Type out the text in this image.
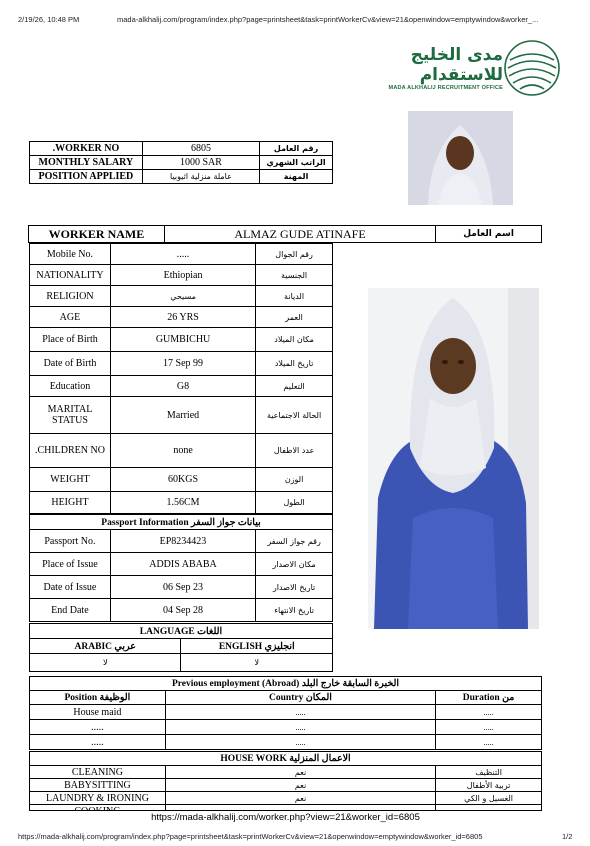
2/19/26, 10:48 PM	mada-alkhalij.com/program/index.php?page=printsheet&task=printWorkerCv&view=21&openwindow=emptywindow&worker_...
مدى الخليج للاستقدام
MADA ALKHALIJ RECRUITMENT OFFICE
.WORKER NO	6805	رقم العامل
MONTHLY SALARY	1000 SAR	الراتب الشهري
POSITION APPLIED	عاملة منزلية اثيوبيا	المهنة
WORKER NAME	ALMAZ GUDE ATINAFE	اسم العامل
Mobile No.	.....	رقم الجوال
NATIONALITY	Ethiopian	الجنسية
RELIGION	مسيحي	الديانة
AGE	26 YRS	العمر
Place of Birth	GUMBICHU	مكان الميلاد
Date of Birth	17 Sep 99	تاريخ الميلاد
Education	G8	التعليم
MARITAL STATUS	Married	الحالة الاجتماعية
.CHILDREN NO	none	عدد الاطفال
WEIGHT	60KGS	الوزن
HEIGHT	1.56CM	الطول
Passport Information بيانات جواز السفر		
Passport No.	EP8234423	رقم جواز السفر
Place of Issue	ADDIS ABABA	مكان الاصدار
Date of Issue	06 Sep 23	تاريخ الاصدار
End Date	04 Sep 28	تاريخ الانتهاء
LANGUAGE اللغات	
ARABIC عربي	ENGLISH انجليزي
لا	لا
Previous employment (Abroad) الخبرة السابقة خارج البلد		
Position الوظيفة	Country المكان	Duration من
House maid	.....	.....
.....	.....	.....
.....	.....	.....
HOUSE WORK الاعمال المنزلية		
CLEANING	نعم	التنظيف
BABYSITTING	نعم	تربية الأطفال
LAUNDRY & IRONING	نعم	الغسيل و الكي

https://mada-alkhalij.com/worker.php?view=21&worker_id=6805
https://mada-alkhalij.com/program/index.php?page=printsheet&task=printWorkerCv&view=21&openwindow=emptywindow&worker_id=6805	1/2
